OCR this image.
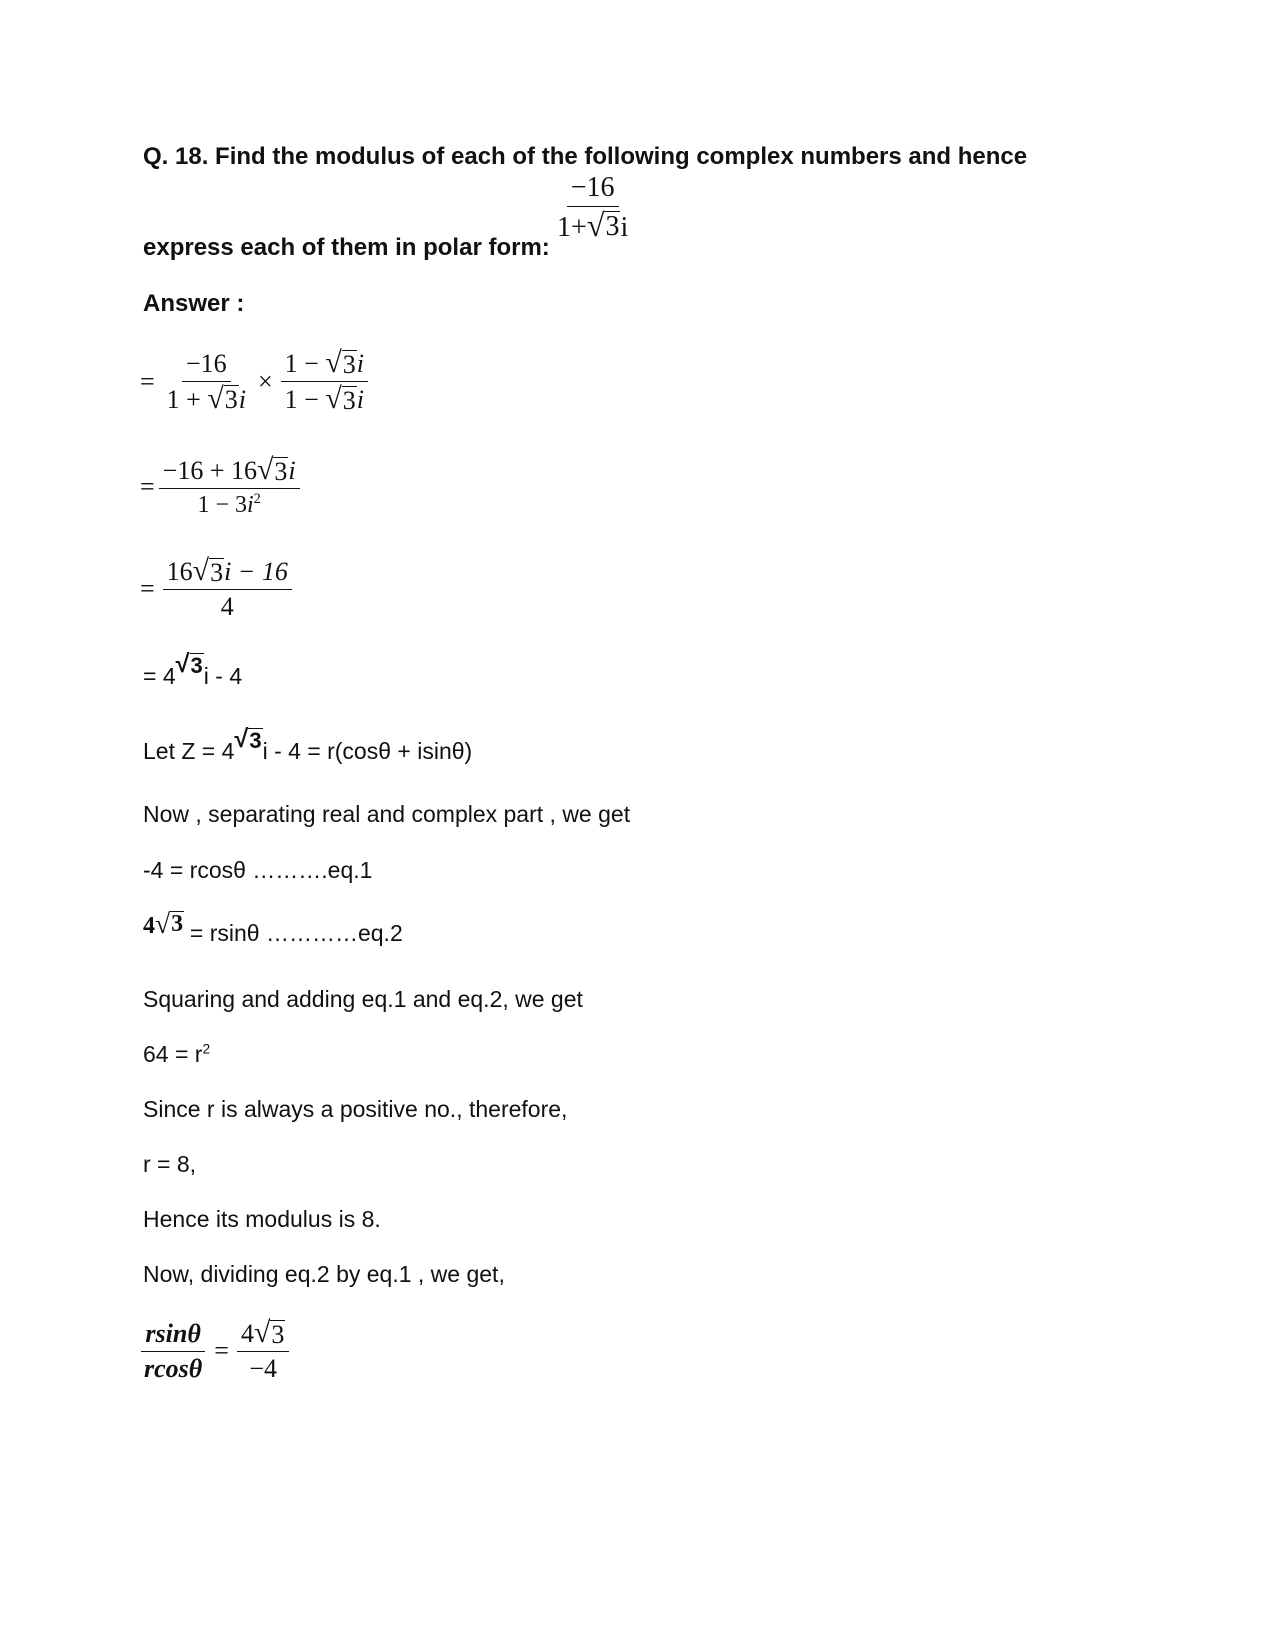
Q. 18. Find the modulus of each of the following complex numbers and hence
express each of them in polar form:
$\frac{-16}{1+ √ 3 i}$
Answer :
= $\frac{-16}{1 + √ 3 i} \times \frac{1 - √ 3 i}{1 - √ 3 i}$
= $\frac{-16 + 16 √ 3 i}{1 - 3i^2}$
= $\frac{16 √ 3 i - 16}{4}$
= 4 √ 3 i - 4
Let Z = 4 √ 3 i - 4 = r(cosθ + isinθ)
Now , separating real and complex part , we get
-4 = rcosθ ……….eq.1
4 √ 3 = rsinθ …………eq.2
Squaring and adding eq.1 and eq.2, we get
$64 = r^2$
Since r is always a positive no., therefore,
r = 8,
Hence its modulus is 8.
Now, dividing eq.2 by eq.1 , we get,
$\frac{rsin\theta}{rcos\theta} = \frac{4 √ 3}{-4}$
